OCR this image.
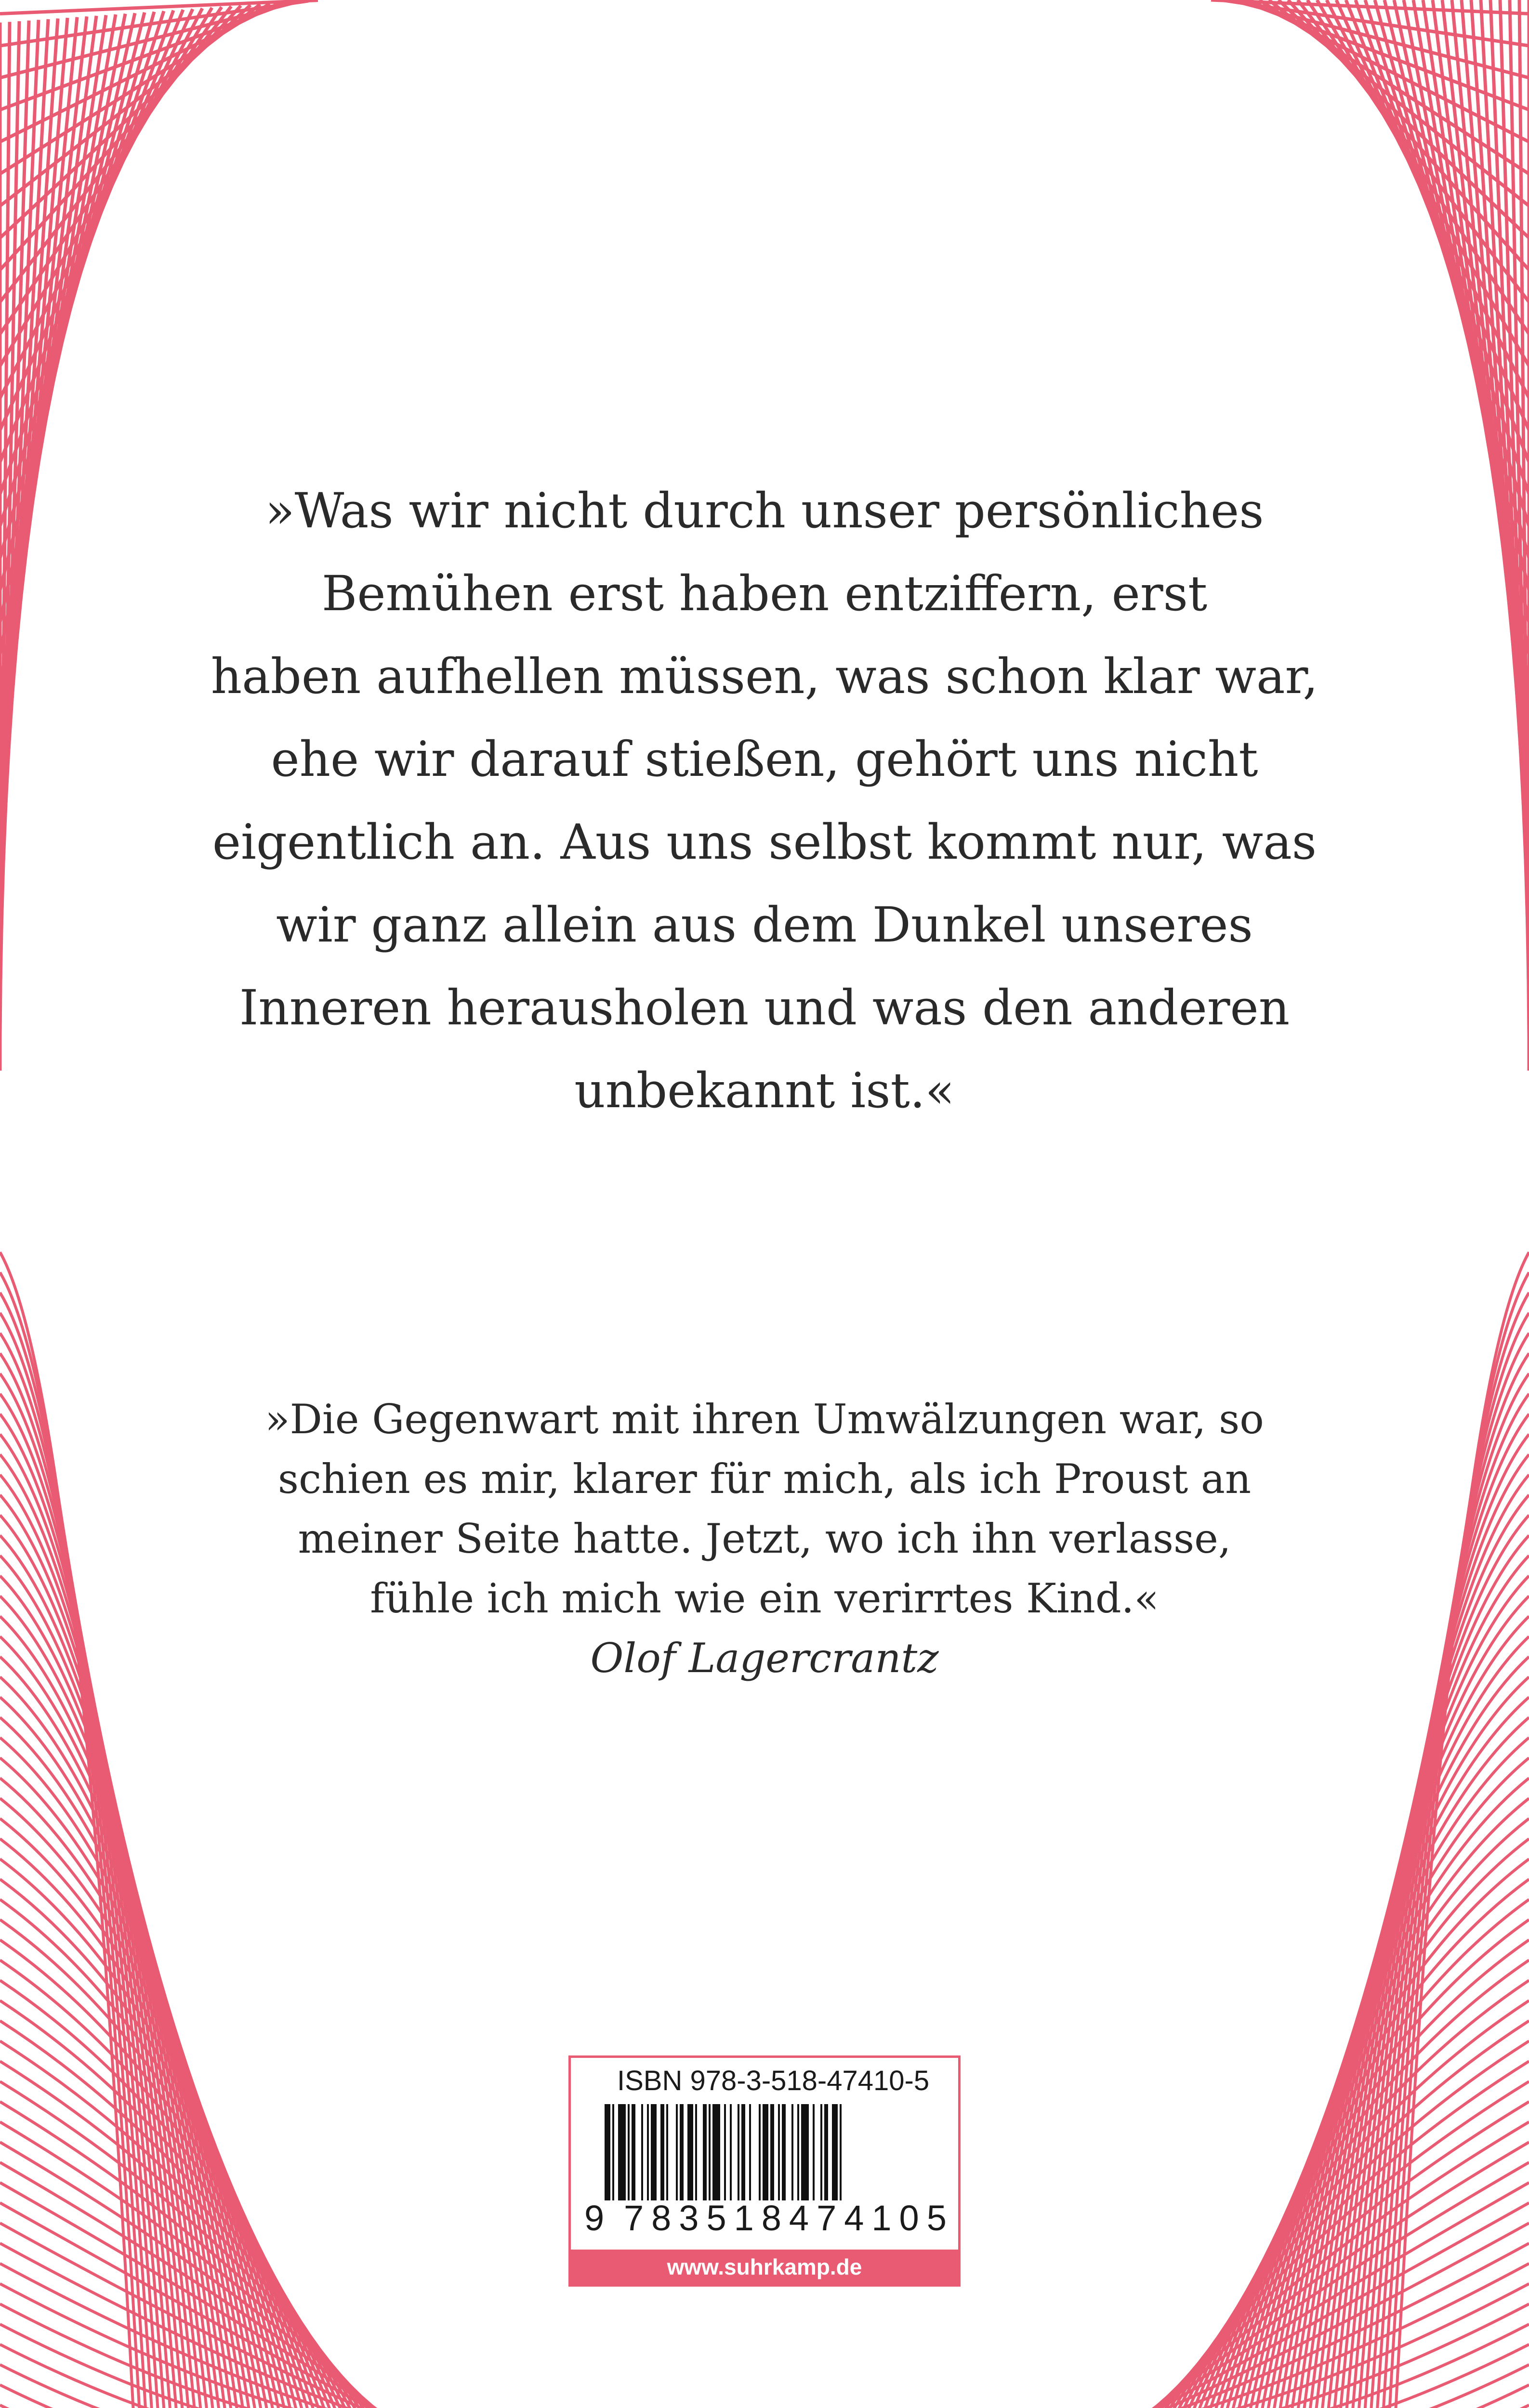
»Was wir nicht durch unser persönliches
Bemühen erst haben entziffern, erst
haben aufhellen müssen, was schon klar war,
ehe wir darauf stießen, gehört uns nicht
eigentlich an. Aus uns selbst kommt nur, was
wir ganz allein aus dem Dunkel unseres
Inneren herausholen und was den anderen
unbekannt ist.«
»Die Gegenwart mit ihren Umwälzungen war, so
schien es mir, klarer für mich, als ich Proust an
meiner Seite hatte. Jetzt, wo ich ihn verlasse,
fühle ich mich wie ein verirrtes Kind.«
Olof Lagercrantz
ISBN 978-3-518-47410-5
9 783518474105
www.suhrkamp.de
